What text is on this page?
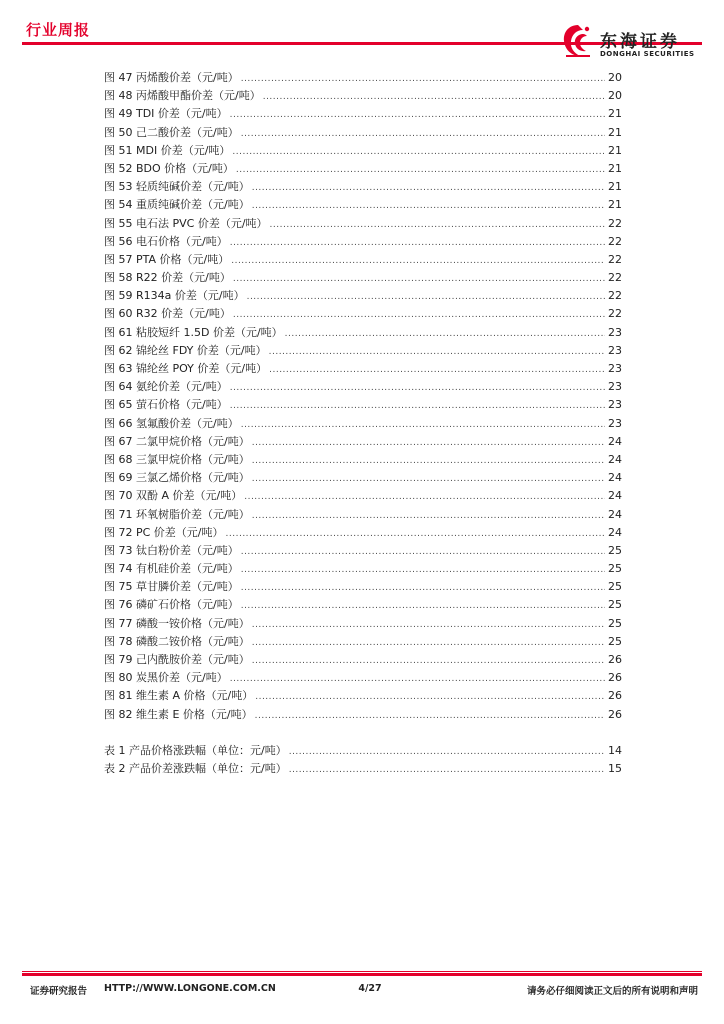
行业周报
东海证券
DONGHAI SECURITIES
图 47 丙烯酸价差（元/吨） .....	20
图 48 丙烯酸甲酯价差（元/吨） .....	20
图 49 TDI 价差（元/吨） .....	21
图 50 己二酸价差（元/吨） .....	21
图 51 MDI 价差（元/吨） .....	21
图 52 BDO 价格（元/吨） .....	21
图 53 轻质纯碱价差（元/吨） .....	21
图 54 重质纯碱价差（元/吨） .....	21
图 55 电石法 PVC 价差（元/吨） .....	22
图 56 电石价格（元/吨） .....	22
图 57 PTA 价格（元/吨） .....	22
图 58 R22 价差（元/吨） .....	22
图 59 R134a 价差（元/吨） .....	22
图 60 R32 价差（元/吨） .....	22
图 61 粘胶短纤 1.5D 价差（元/吨） .....	23
图 62 锦纶丝 FDY 价差（元/吨） .....	23
图 63 锦纶丝 POY 价差（元/吨） .....	23
图 64 氨纶价差（元/吨） .....	23
图 65 萤石价格（元/吨） .....	23
图 66 氢氟酸价差（元/吨） .....	23
图 67 二氯甲烷价格（元/吨） .....	24
图 68 三氯甲烷价格（元/吨） .....	24
图 69 三氯乙烯价格（元/吨） .....	24
图 70 双酚 A 价差（元/吨） .....	24
图 71 环氧树脂价差（元/吨） .....	24
图 72 PC 价差（元/吨） .....	24
图 73 钛白粉价差（元/吨） .....	25
图 74 有机硅价差（元/吨） .....	25
图 75 草甘膦价差（元/吨） .....	25
图 76 磷矿石价格（元/吨） .....	25
图 77 磷酸一铵价格（元/吨） .....	25
图 78 磷酸二铵价格（元/吨） .....	25
图 79 己内酰胺价差（元/吨） .....	26
图 80 炭黑价差（元/吨） .....	26
图 81 维生素 A 价格（元/吨） .....	26
图 82 维生素 E 价格（元/吨） .....	26
表 1 产品价格涨跌幅（单位：元/吨） .....	14
表 2 产品价差涨跌幅（单位：元/吨） .....	15
证券研究报告 HTTP://WWW.LONGONE.COM.CN	4/27	请务必仔细阅读正文后的所有说明和声明
